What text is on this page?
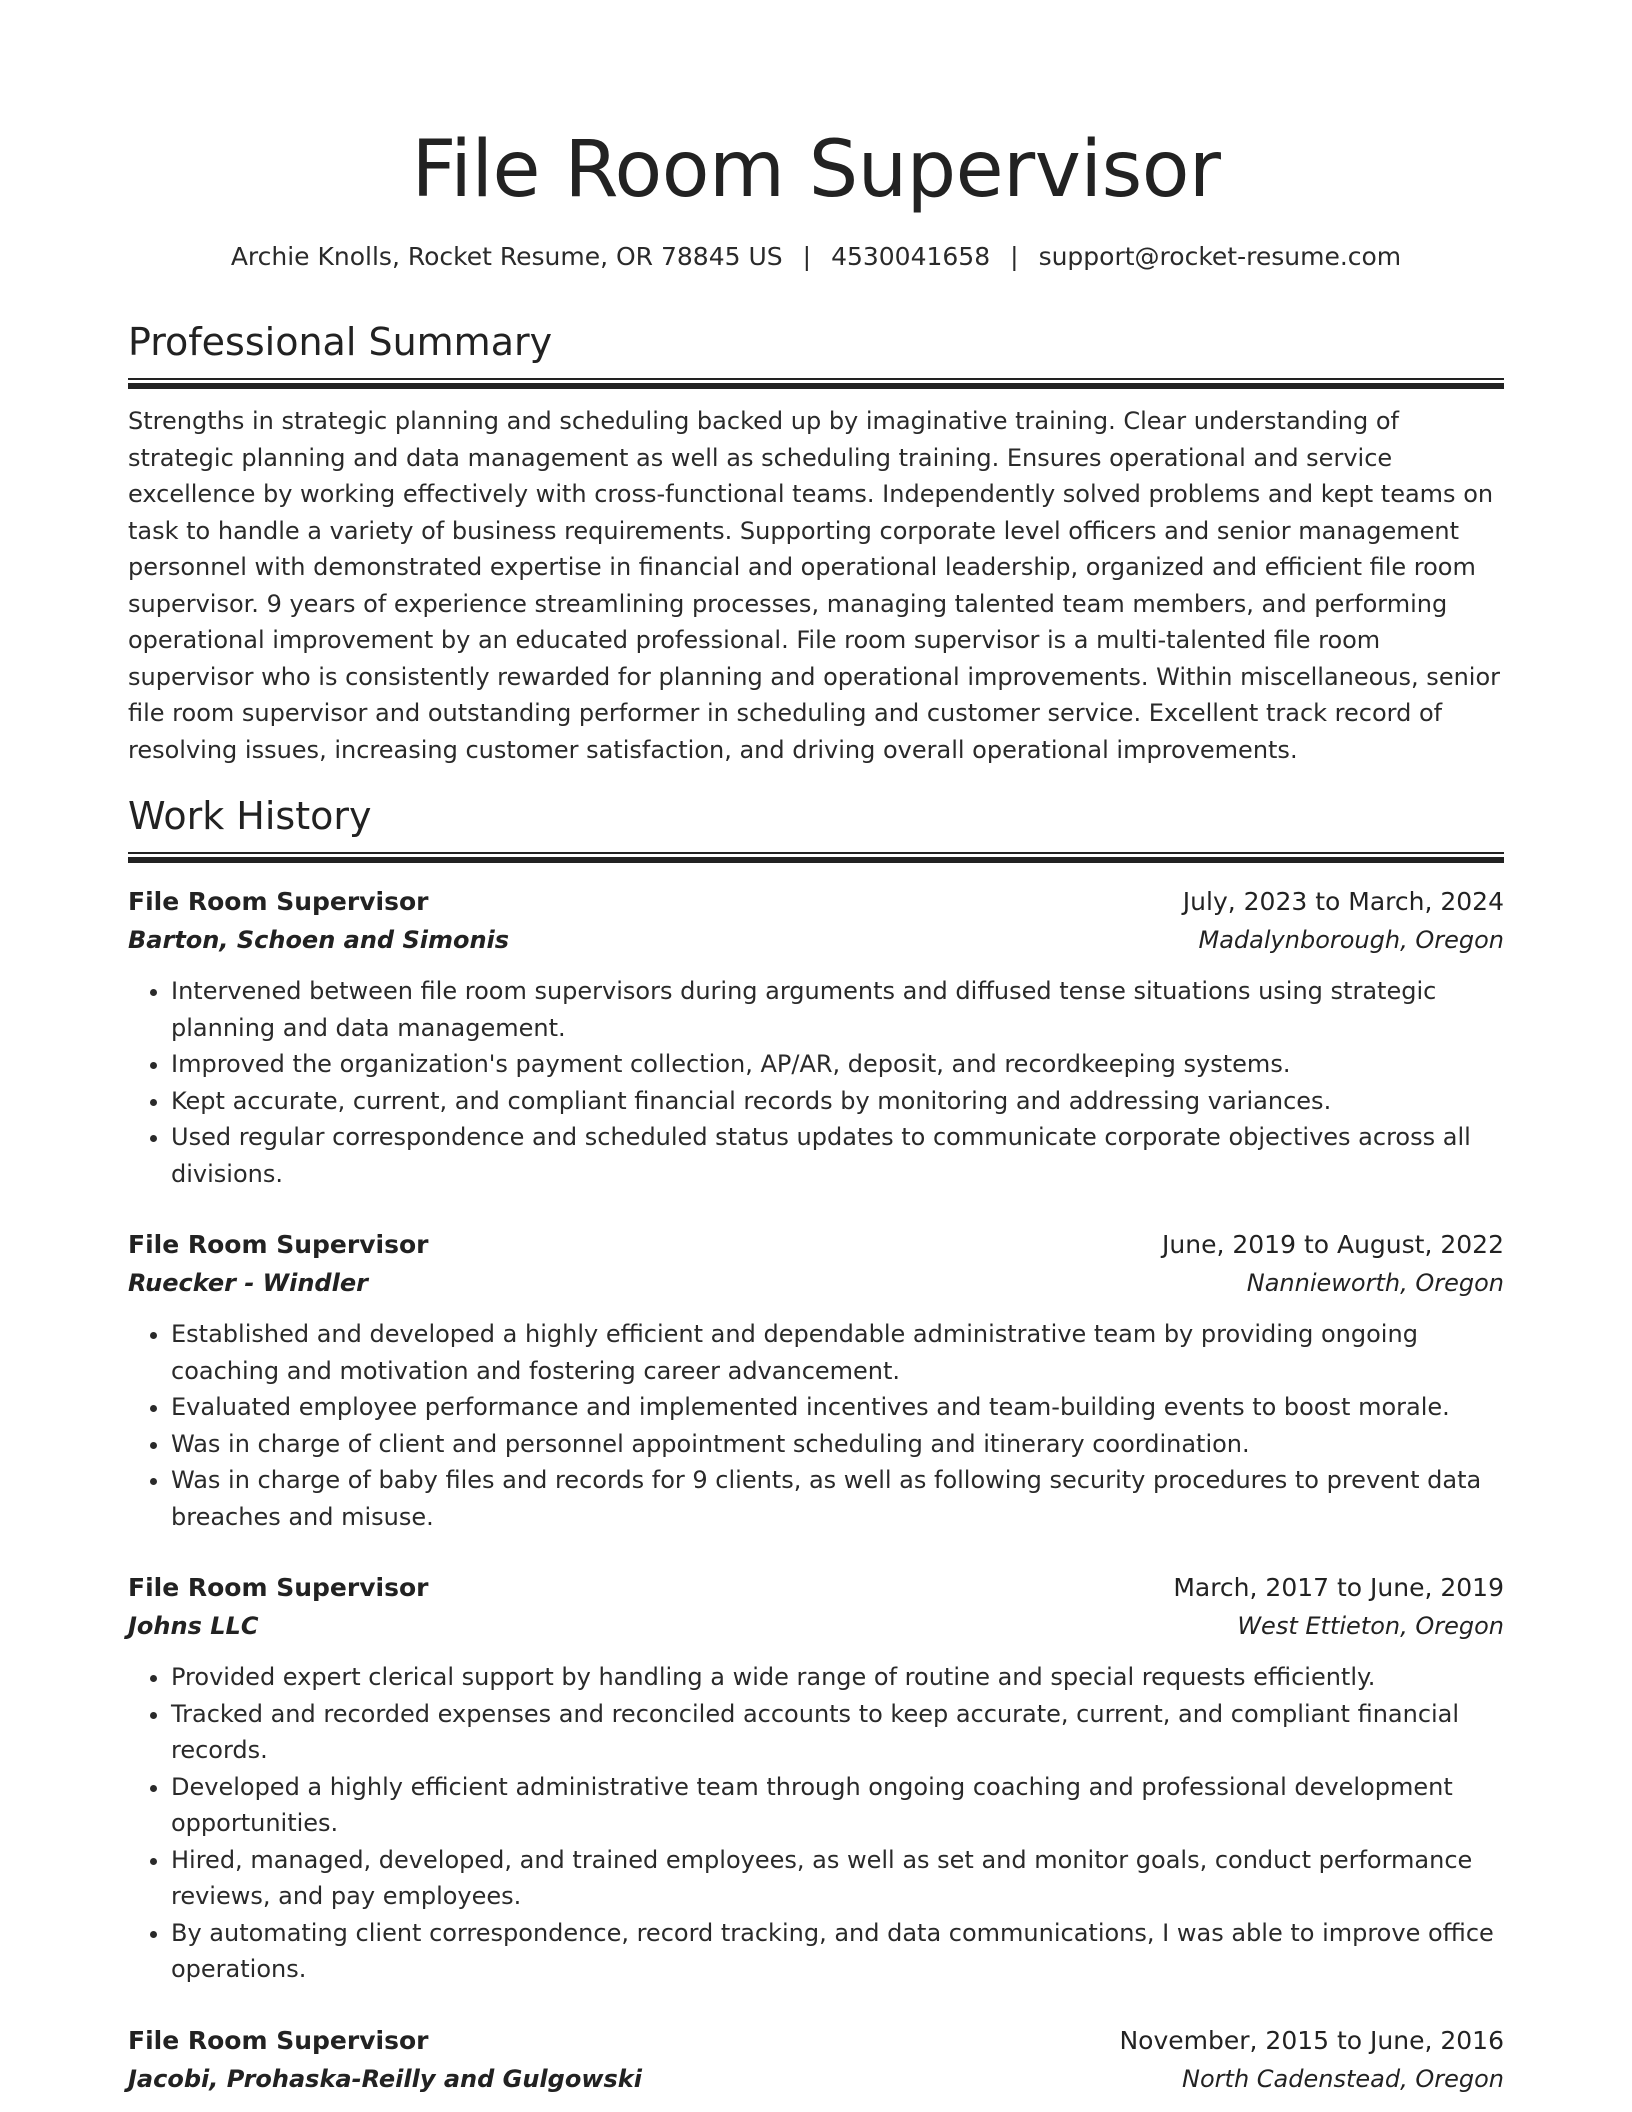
File Room Supervisor
Archie Knolls, Rocket Resume, OR 78845 US | 4530041658 | support@rocket-resume.com
Professional Summary

Strengths in strategic planning and scheduling backed up by imaginative training. Clear understanding of strategic planning and data management as well as scheduling training. Ensures operational and service excellence by working effectively with cross-functional teams. Independently solved problems and kept teams on task to handle a variety of business requirements. Supporting corporate level officers and senior management personnel with demonstrated expertise in financial and operational leadership, organized and efficient file room supervisor. 9 years of experience streamlining processes, managing talented team members, and performing operational improvement by an educated professional. File room supervisor is a multi-talented file room supervisor who is consistently rewarded for planning and operational improvements. Within miscellaneous, senior file room supervisor and outstanding performer in scheduling and customer service. Excellent track record of resolving issues, increasing customer satisfaction, and driving overall operational improvements.

Work History
File Room Supervisor	July, 2023 to March, 2024
Barton, Schoen and Simonis	Madalynborough, Oregon
• Intervened between file room supervisors during arguments and diffused tense situations using strategic planning and data management.
• Improved the organization's payment collection, AP/AR, deposit, and recordkeeping systems.
• Kept accurate, current, and compliant financial records by monitoring and addressing variances.
• Used regular correspondence and scheduled status updates to communicate corporate objectives across all divisions.
File Room Supervisor	June, 2019 to August, 2022
Ruecker - Windler	Nannieworth, Oregon
• Established and developed a highly efficient and dependable administrative team by providing ongoing coaching and motivation and fostering career advancement.
• Evaluated employee performance and implemented incentives and team-building events to boost morale.
• Was in charge of client and personnel appointment scheduling and itinerary coordination.
• Was in charge of baby files and records for 9 clients, as well as following security procedures to prevent data breaches and misuse.
File Room Supervisor	March, 2017 to June, 2019
Johns LLC	West Ettieton, Oregon
• Provided expert clerical support by handling a wide range of routine and special requests efficiently.
• Tracked and recorded expenses and reconciled accounts to keep accurate, current, and compliant financial records.
• Developed a highly efficient administrative team through ongoing coaching and professional development opportunities.
• Hired, managed, developed, and trained employees, as well as set and monitor goals, conduct performance reviews, and pay employees.
• By automating client correspondence, record tracking, and data communications, I was able to improve office operations.
File Room Supervisor	November, 2015 to June, 2016
Jacobi, Prohaska-Reilly and Gulgowski	North Cadenstead, Oregon
